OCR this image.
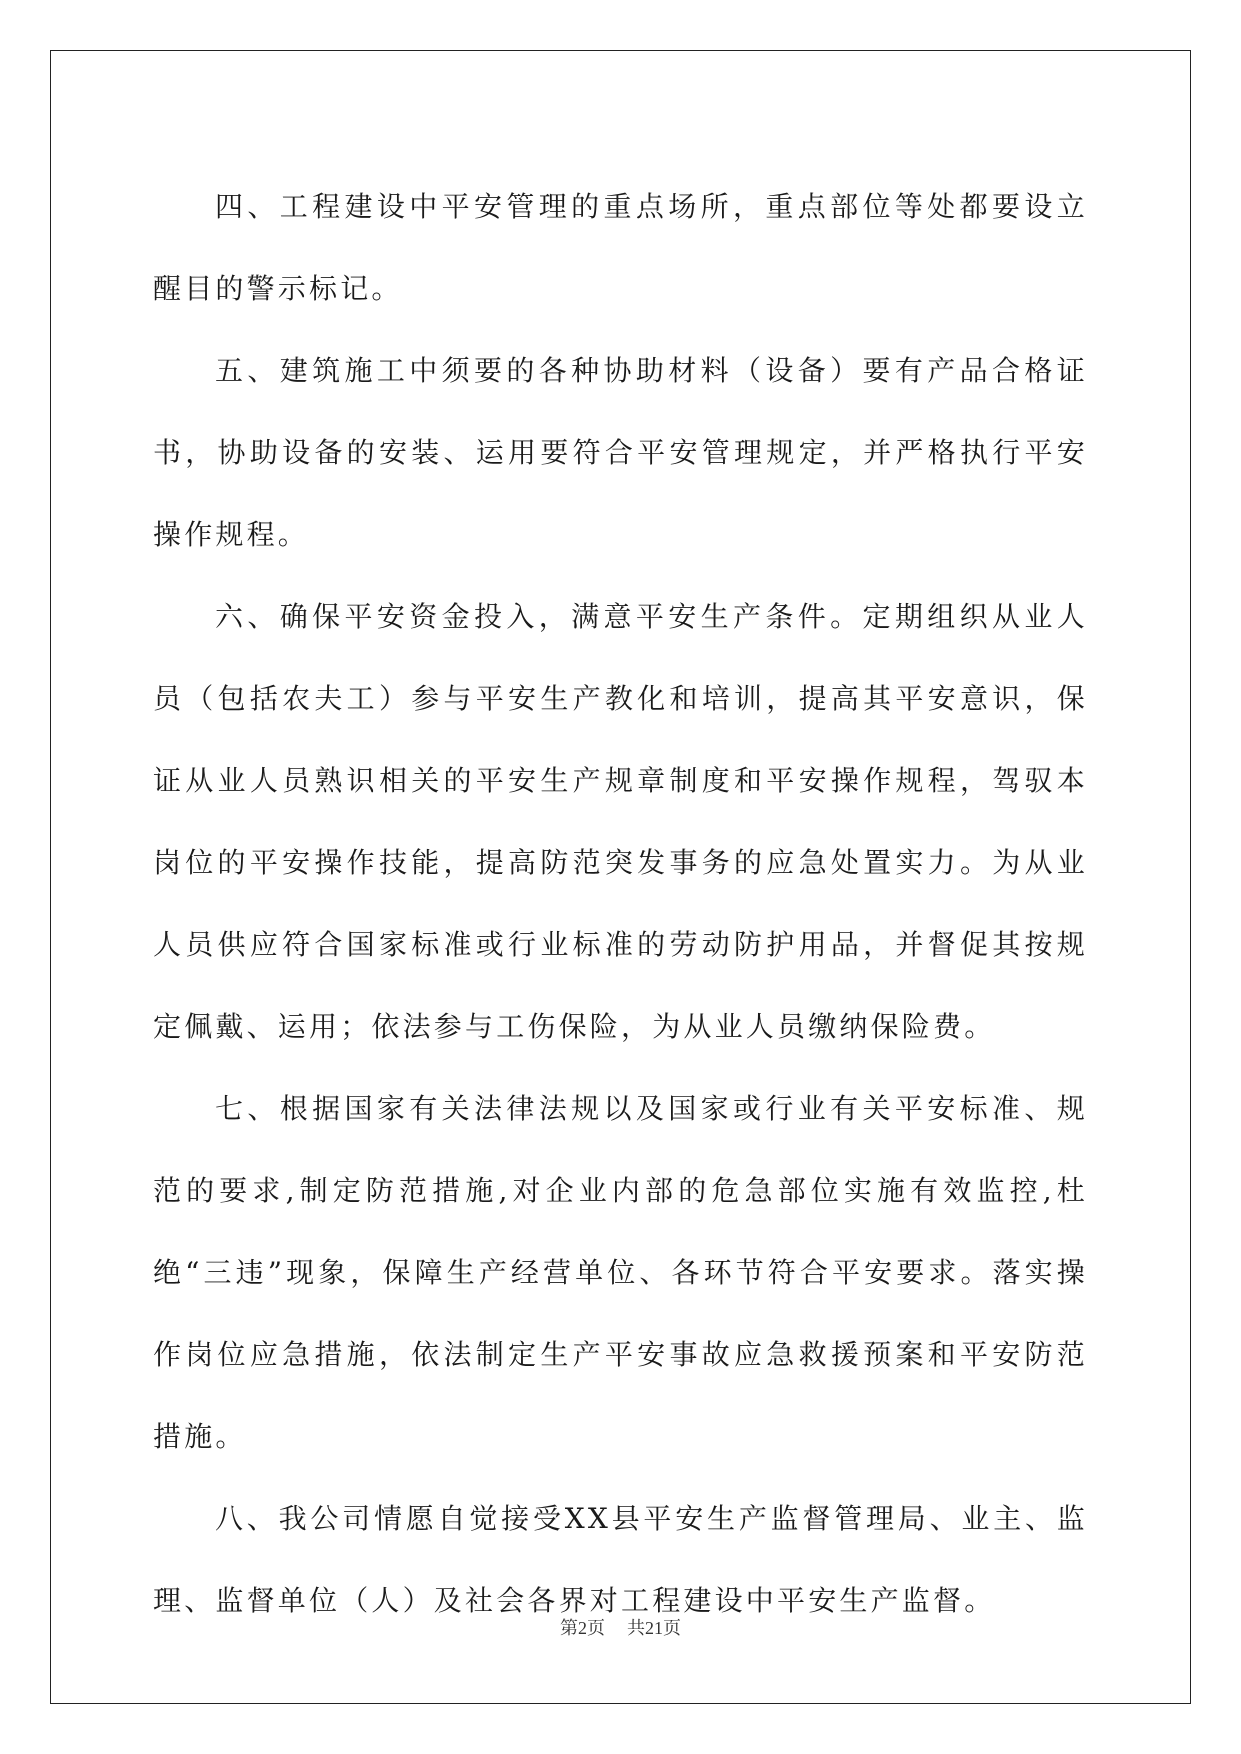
四、工程建设中平安管理的重点场所，重点部位等处都要设立醒目的警示标记。

五、建筑施工中须要的各种协助材料（设备）要有产品合格证书，协助设备的安装、运用要符合平安管理规定，并严格执行平安操作规程。

六、确保平安资金投入，满意平安生产条件。定期组织从业人员（包括农夫工）参与平安生产教化和培训，提高其平安意识，保证从业人员熟识相关的平安生产规章制度和平安操作规程，驾驭本岗位的平安操作技能，提高防范突发事务的应急处置实力。为从业人员供应符合国家标准或行业标准的劳动防护用品，并督促其按规定佩戴、运用；依法参与工伤保险，为从业人员缴纳保险费。

七、根据国家有关法律法规以及国家或行业有关平安标准、规范的要求,制定防范措施,对企业内部的危急部位实施有效监控,杜绝“三违”现象，保障生产经营单位、各环节符合平安要求。落实操作岗位应急措施，依法制定生产平安事故应急救援预案和平安防范措施。

八、我公司情愿自觉接受XX县平安生产监督管理局、业主、监理、监督单位（人）及社会各界对工程建设中平安生产监督。

第2页 共21页
